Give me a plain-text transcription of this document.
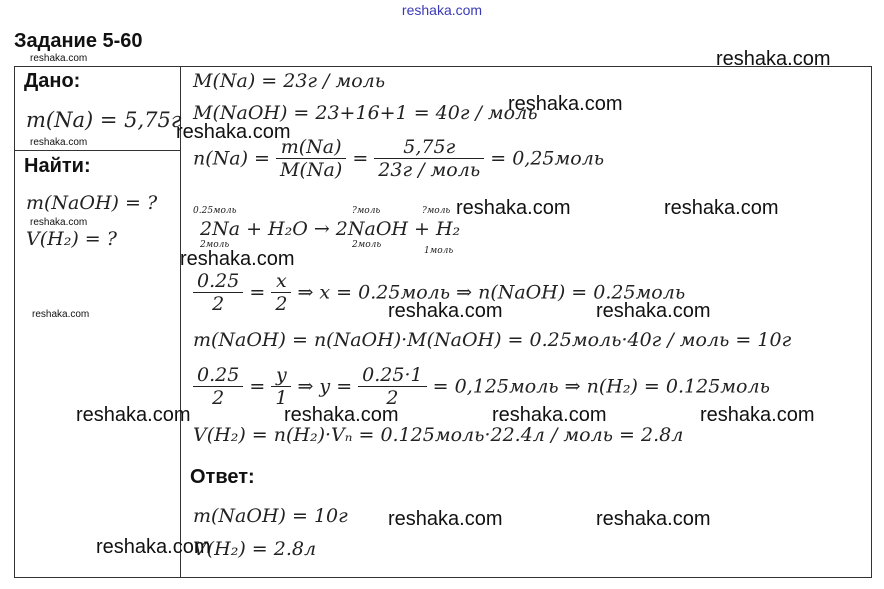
reshaka.com
Задание 5-60
Дано:
m(Na) = 5,75г
Найти:
m(NaOH) = ?
V(H₂) = ?
M(Na) = 23г / моль
M(NaOH) = 23+16+1 = 40г / моль
$n(Na) = \frac{m(Na)}{M(Na)} = \frac{5,75г}{\text{23г / моль}}$ = 0,25моль
0.25моль	?моль	?моль
2Na + H₂O → 2NaOH + H₂
2моль	2моль
1моль
$\frac{0.25}{2} = \frac{x}{2}$ ⇒ x = 0.25моль ⇒ n(NaOH) = 0.25моль
m(NaOH) = n(NaOH)·M(NaOH) = 0.25моль·40г / моль = 10г
$\frac{0.25}{2} = \frac{y}{1}$ ⇒ $y = \frac{0.25\cdot 1}{2}$ = 0,125моль ⇒ n(H₂) = 0.125моль
V(H₂) = n(H₂)·Vₙ = 0.125моль·22.4л / моль = 2.8л
Ответ:
m(NaOH) = 10г
V(H₂) = 2.8л
reshaka.com
reshaka.com
reshaka.com
reshaka.com	reshaka.com
reshaka.com
reshaka.com	reshaka.com
reshaka.com	reshaka.com	reshaka.com	reshaka.com
reshaka.com	reshaka.com
reshaka.com
reshaka.com
reshaka.com
reshaka.com
reshaka.com
